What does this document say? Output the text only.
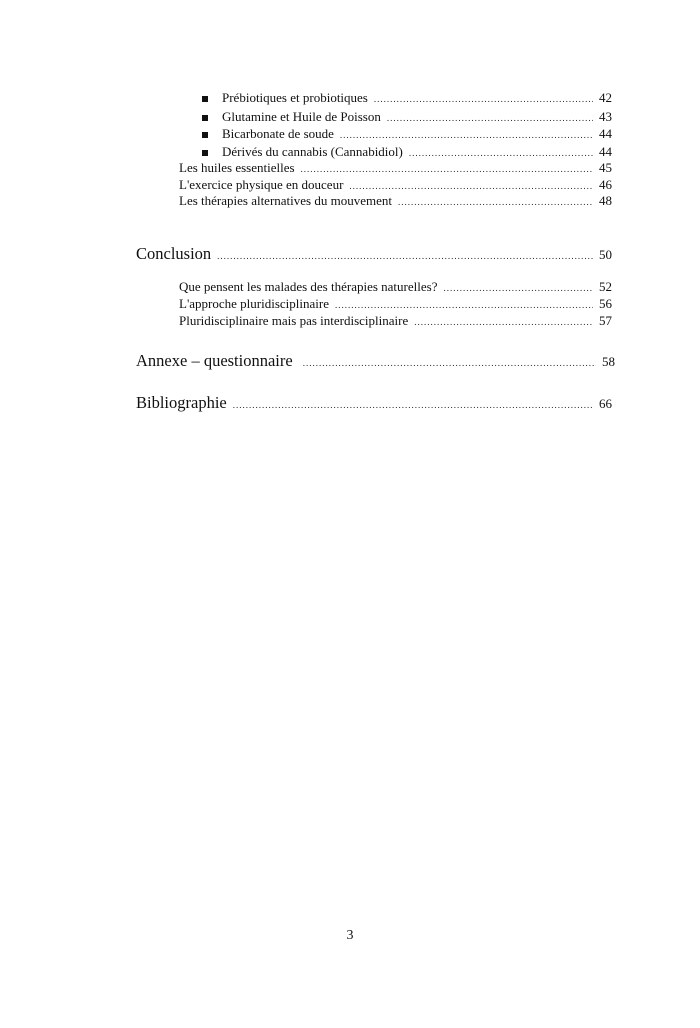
Prébiotiques et probiotiques .....	42
Glutamine et Huile de Poisson .....	43
Bicarbonate de soude .....	44
Dérivés du cannabis (Cannabidiol) .....	44
Les huiles essentielles .....	45
L'exercice physique en douceur .....	46
Les thérapies alternatives du mouvement .....	48
Conclusion .....	50
Que pensent les malades des thérapies naturelles? .....	52
L'approche pluridisciplinaire .....	56
Pluridisciplinaire mais pas interdisciplinaire .....	57
Annexe – questionnaire .....	58
Bibliographie .....	66
3
